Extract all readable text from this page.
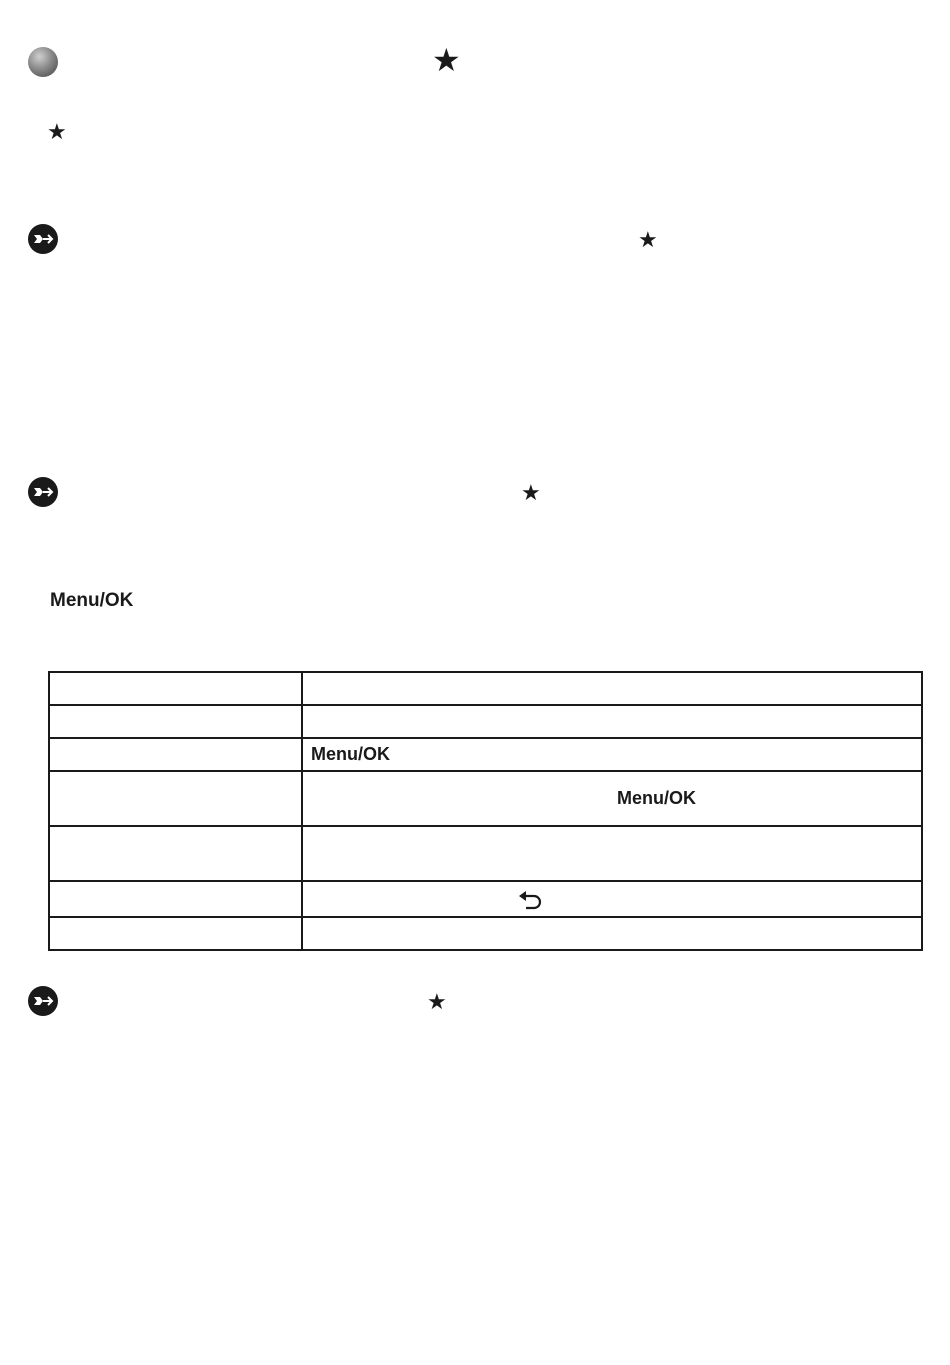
★
★
★
★
Menu/OK

	Menu/OK
	Menu/OK

★
